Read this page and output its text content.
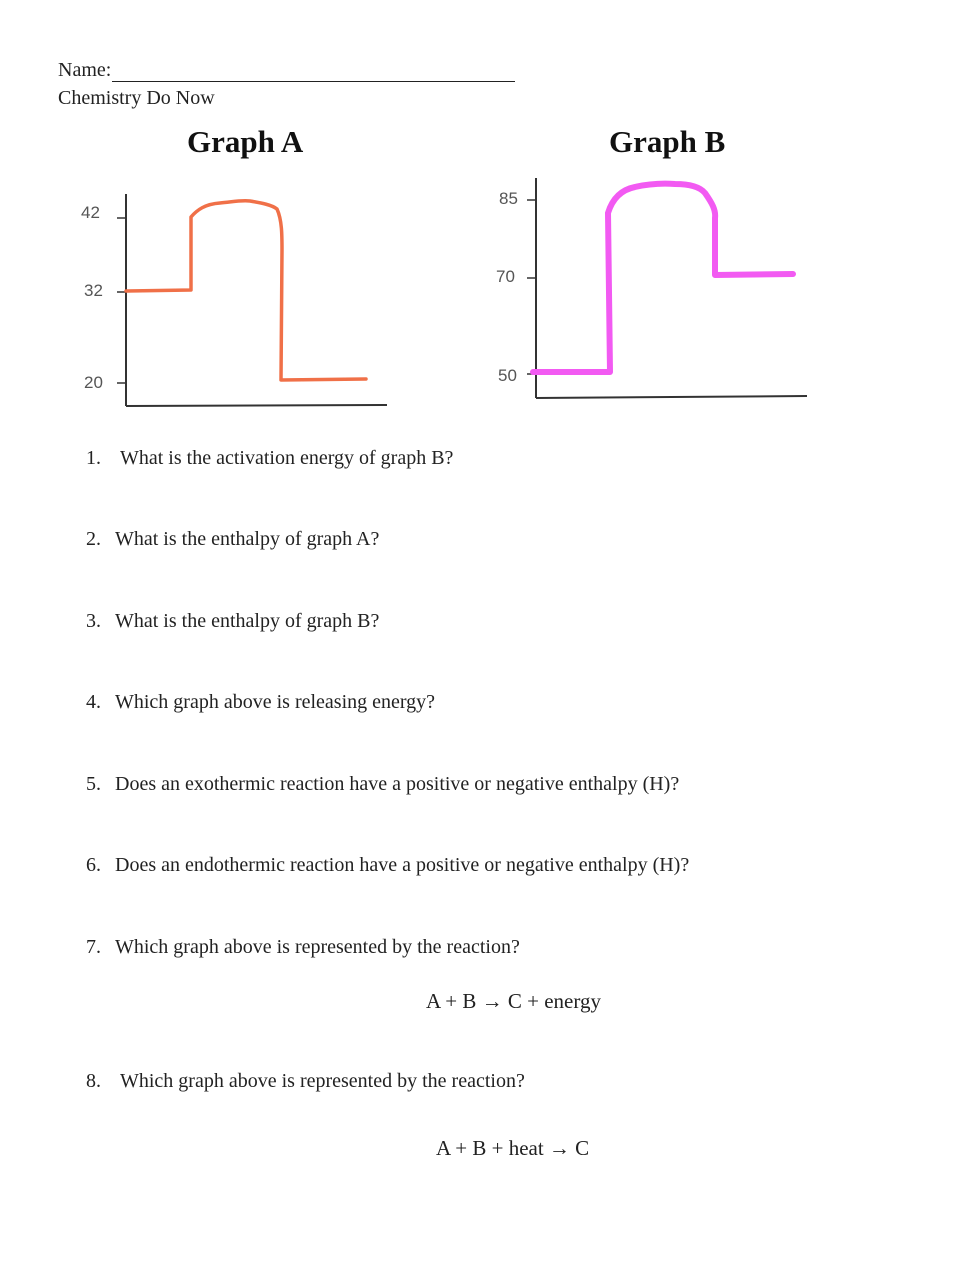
Name:
Chemistry Do Now
Graph A	Graph B
42
32
20
85
70
50
1. What is the activation energy of graph B?
2. What is the enthalpy of graph A?
3. What is the enthalpy of graph B?
4. Which graph above is releasing energy?
5. Does an exothermic reaction have a positive or negative enthalpy (H)?
6. Does an endothermic reaction have a positive or negative enthalpy (H)?
7. Which graph above is represented by the reaction?
A + B → C + energy
8. Which graph above is represented by the reaction?
A + B + heat → C
